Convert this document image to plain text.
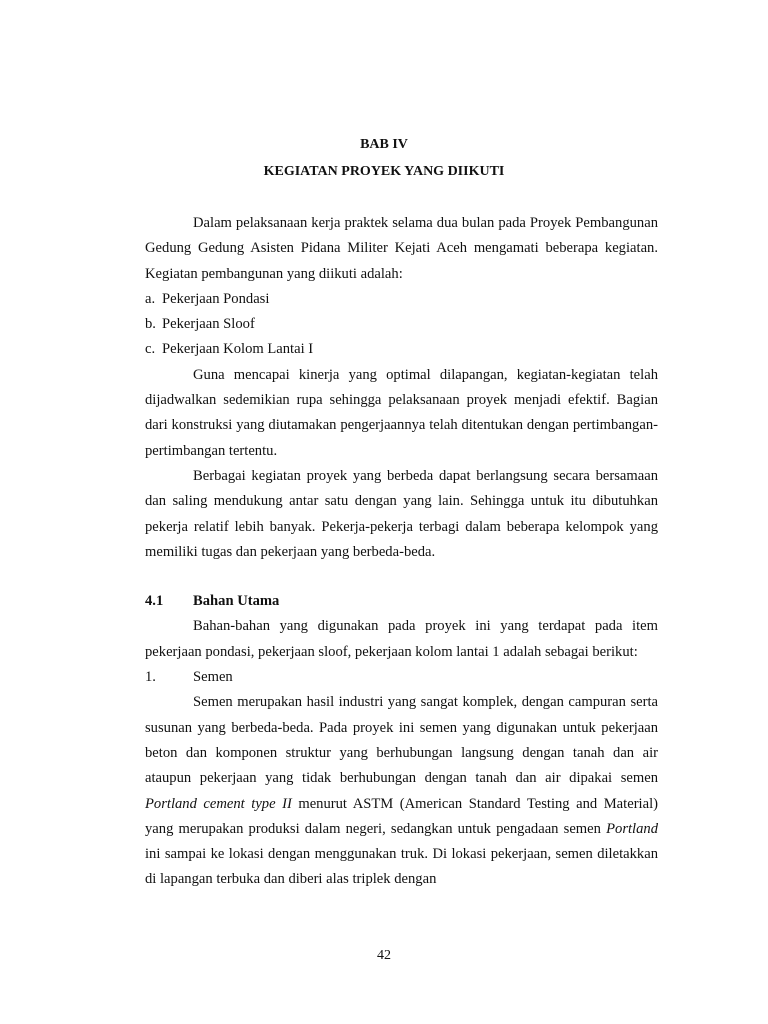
BAB IV
KEGIATAN PROYEK YANG DIIKUTI

Dalam pelaksanaan kerja praktek selama dua bulan pada Proyek Pembangunan Gedung Gedung Asisten Pidana Militer Kejati Aceh mengamati beberapa kegiatan. Kegiatan pembangunan yang diikuti adalah:

a. Pekerjaan Pondasi
b. Pekerjaan Sloof
c. Pekerjaan Kolom Lantai I

Guna mencapai kinerja yang optimal dilapangan, kegiatan-kegiatan telah dijadwalkan sedemikian rupa sehingga pelaksanaan proyek menjadi efektif. Bagian dari konstruksi yang diutamakan pengerjaannya telah ditentukan dengan pertimbangan-pertimbangan tertentu.

Berbagai kegiatan proyek yang berbeda dapat berlangsung secara bersamaan dan saling mendukung antar satu dengan yang lain. Sehingga untuk itu dibutuhkan pekerja relatif lebih banyak. Pekerja-pekerja terbagi dalam beberapa kelompok yang memiliki tugas dan pekerjaan yang berbeda-beda.

4.1	Bahan Utama

Bahan-bahan yang digunakan pada proyek ini yang terdapat pada item pekerjaan pondasi, pekerjaan sloof, pekerjaan kolom lantai 1 adalah sebagai berikut:

1.	Semen

Semen merupakan hasil industri yang sangat komplek, dengan campuran serta susunan yang berbeda-beda. Pada proyek ini semen yang digunakan untuk pekerjaan beton dan komponen struktur yang berhubungan langsung dengan tanah dan air ataupun pekerjaan yang tidak berhubungan dengan tanah dan air dipakai semen Portland cement type II menurut ASTM (American Standard Testing and Material) yang merupakan produksi dalam negeri, sedangkan untuk pengadaan semen Portland ini sampai ke lokasi dengan menggunakan truk. Di lokasi pekerjaan, semen diletakkan di lapangan terbuka dan diberi alas triplek dengan

42
